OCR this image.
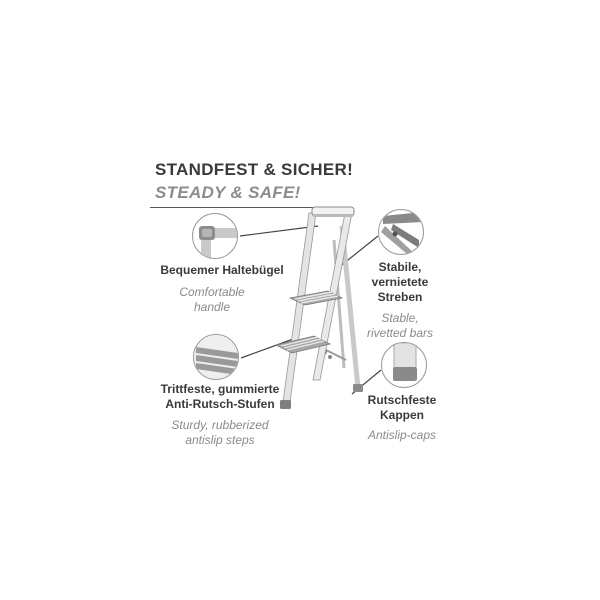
STANDFEST & SICHER!
STEADY & SAFE!
Bequemer Haltebügel
Comfortable
handle
Stabile,
vernietete
Streben
Stable,
rivetted bars
Trittfeste, gummierte
Anti-Rutsch-Stufen
Sturdy, rubberized
antislip steps
Rutschfeste
Kappen
Antislip-caps
